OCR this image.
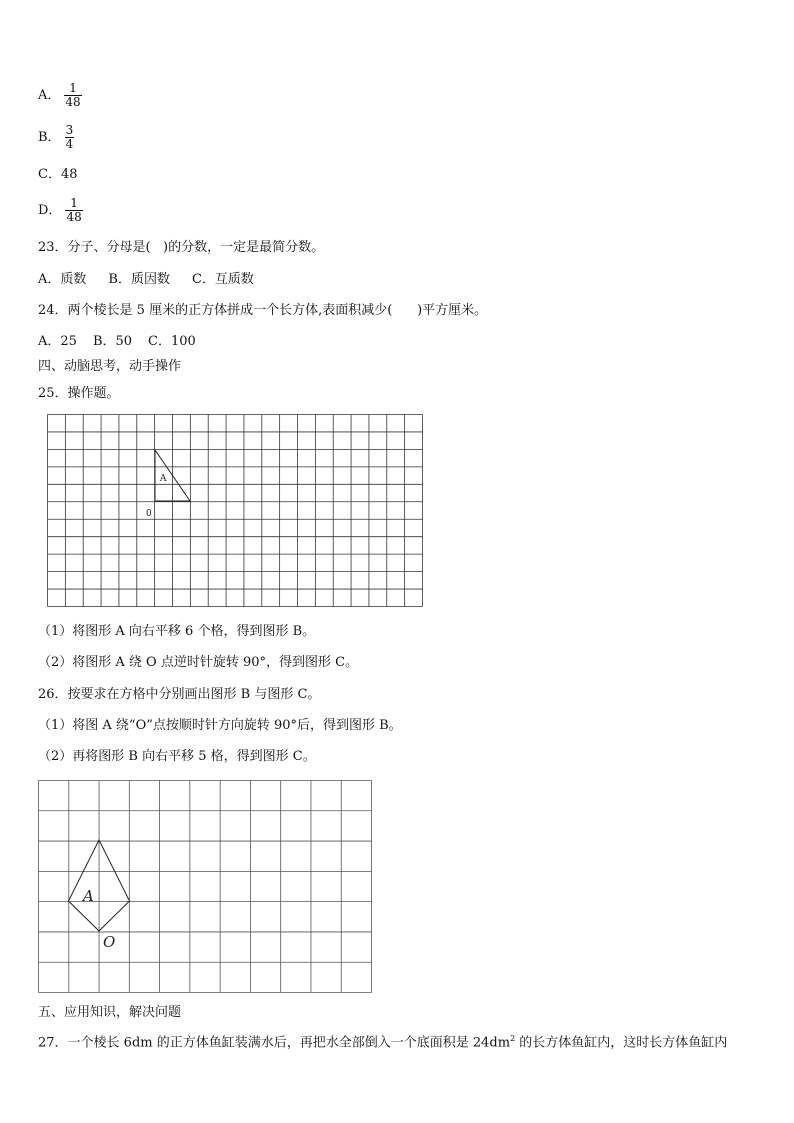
A． $\frac{1}{48}$
B． $\frac{3}{4}$
C．48
D． $\frac{1}{48}$
23．分子、分母是(   )的分数，一定是最简分数。
A．质数 B．质因数 C．互质数
24．两个棱长是 5 厘米的正方体拼成一个长方体,表面积减少(      )平方厘米。
A．25 B．50 C．100
四、动脑思考，动手操作
25．操作题。
A
0
（1）将图形 A 向右平移 6 个格，得到图形 B。
（2）将图形 A 绕 O 点逆时针旋转 90°，得到图形 C。
26．按要求在方格中分别画出图形 B 与图形 C。
（1）将图 A 绕“O”点按顺时针方向旋转 90°后，得到图形 B。
（2）再将图形 B 向右平移 5 格，得到图形 C。
A
O
五、应用知识，解决问题
27．一个棱长 6dm 的正方体鱼缸装满水后，再把水全部倒入一个底面积是 $24dm^2$ 的长方体鱼缸内，这时长方体鱼缸内
